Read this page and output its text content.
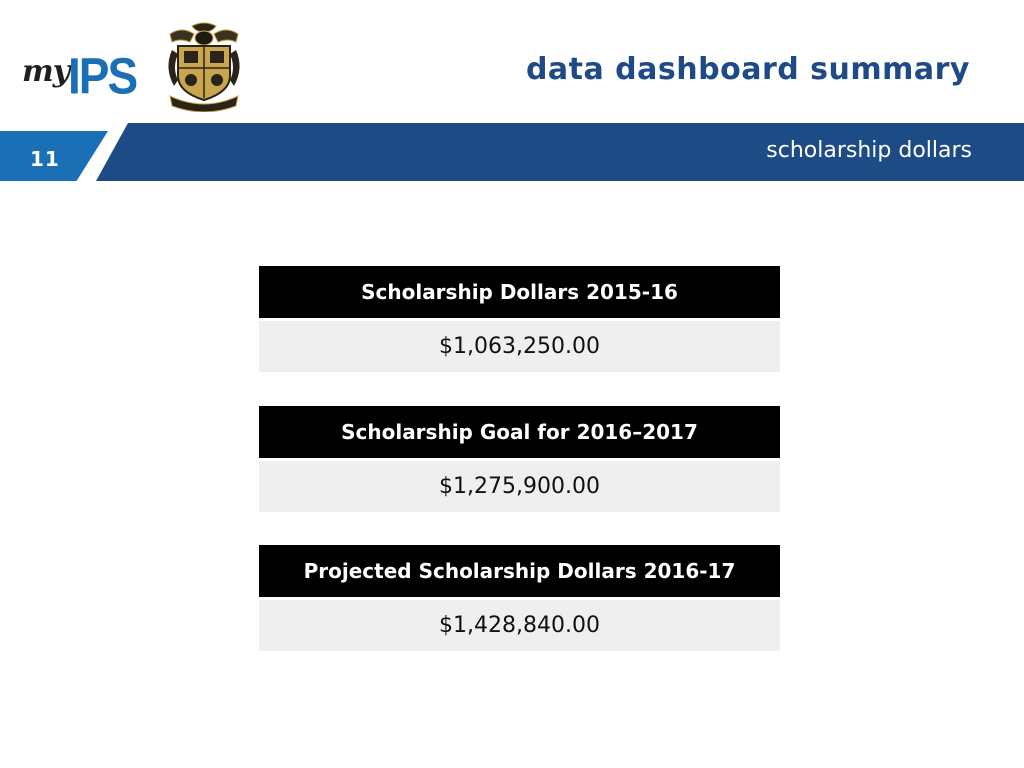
my
IPS	data dashboard summary
11	scholarship dollars
Scholarship Dollars 2015-16
$1,063,250.00
Scholarship Goal for 2016–2017
$1,275,900.00
Projected Scholarship Dollars 2016-17
$1,428,840.00
